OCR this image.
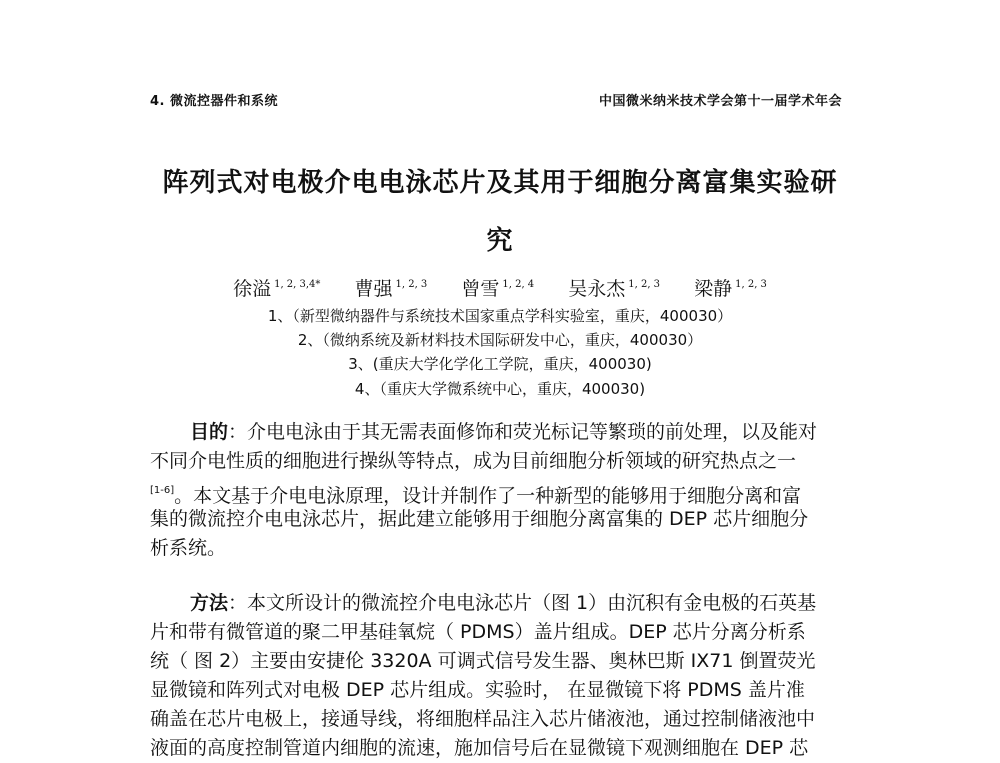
4. 微流控器件和系统	中国微米纳米技术学会第十一届学术年会
阵列式对电极介电电泳芯片及其用于细胞分离富集实验研
究
徐溢 $^{1, 2, 3,4*}$ 曹强 $^{1, 2, 3}$ 曾雪 $^{1, 2, 4}$ 吴永杰 $^{1, 2, 3}$ 梁静 $^{1, 2, 3}$
1、（新型微纳器件与系统技术国家重点学科实验室，重庆，400030）
2、（微纳系统及新材料技术国际研发中心，重庆，400030）
3、(重庆大学化学化工学院，重庆，400030)
4、（重庆大学微系统中心，重庆，400030)
目的：介电电泳由于其无需表面修饰和荧光标记等繁琐的前处理，以及能对
不同介电性质的细胞进行操纵等特点，成为目前细胞分析领域的研究热点之一
[1-6]。本文基于介电电泳原理，设计并制作了一种新型的能够用于细胞分离和富
集的微流控介电电泳芯片，据此建立能够用于细胞分离富集的 DEP 芯片细胞分
析系统。
方法：本文所设计的微流控介电电泳芯片（图 1）由沉积有金电极的石英基
片和带有微管道的聚二甲基硅氧烷（ PDMS）盖片组成。DEP 芯片分离分析系
统（ 图 2）主要由安捷伦 3320A 可调式信号发生器、奥林巴斯 IX71 倒置荧光
显微镜和阵列式对电极 DEP 芯片组成。实验时， 在显微镜下将 PDMS 盖片准
确盖在芯片电极上，接通导线，将细胞样品注入芯片储液池，通过控制储液池中
液面的高度控制管道内细胞的流速，施加信号后在显微镜下观测细胞在 DEP 芯
